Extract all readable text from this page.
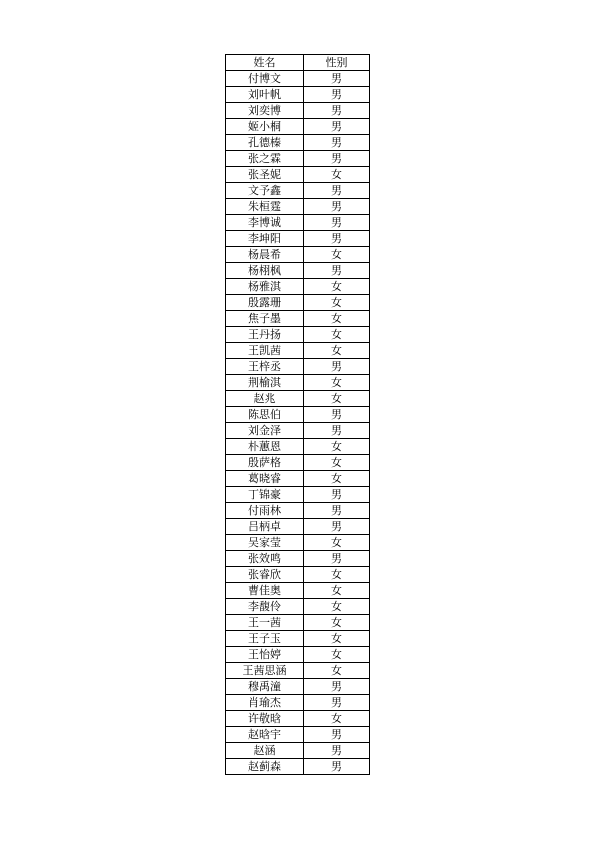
姓名	性别
付博文	男
刘叶帆	男
刘奕博	男
姬小桐	男
孔德榛	男
张之霖	男
张圣妮	女
文予鑫	男
朱桓霆	男
李博诚	男
李坤阳	男
杨晨希	女
杨栩枫	男
杨雅淇	女
殷露珊	女
焦子墨	女
王丹扬	女
王凯茜	女
王梓丞	男
荆榆淇	女
赵兆	女
陈思伯	男
刘金泽	男
朴蕙恩	女
殷萨格	女
葛晓睿	女
丁锦豪	男
付雨林	男
吕柄卓	男
吴家莹	女
张效鸣	男
张睿欣	女
曹佳奥	女
李馥伶	女
王一茜	女
王子玉	女
王怡婷	女
王茜思涵	女
穆禹潼	男
肖瑜杰	男
许敬晗	女
赵晗宇	男
赵涵	男
赵蓟森	男
